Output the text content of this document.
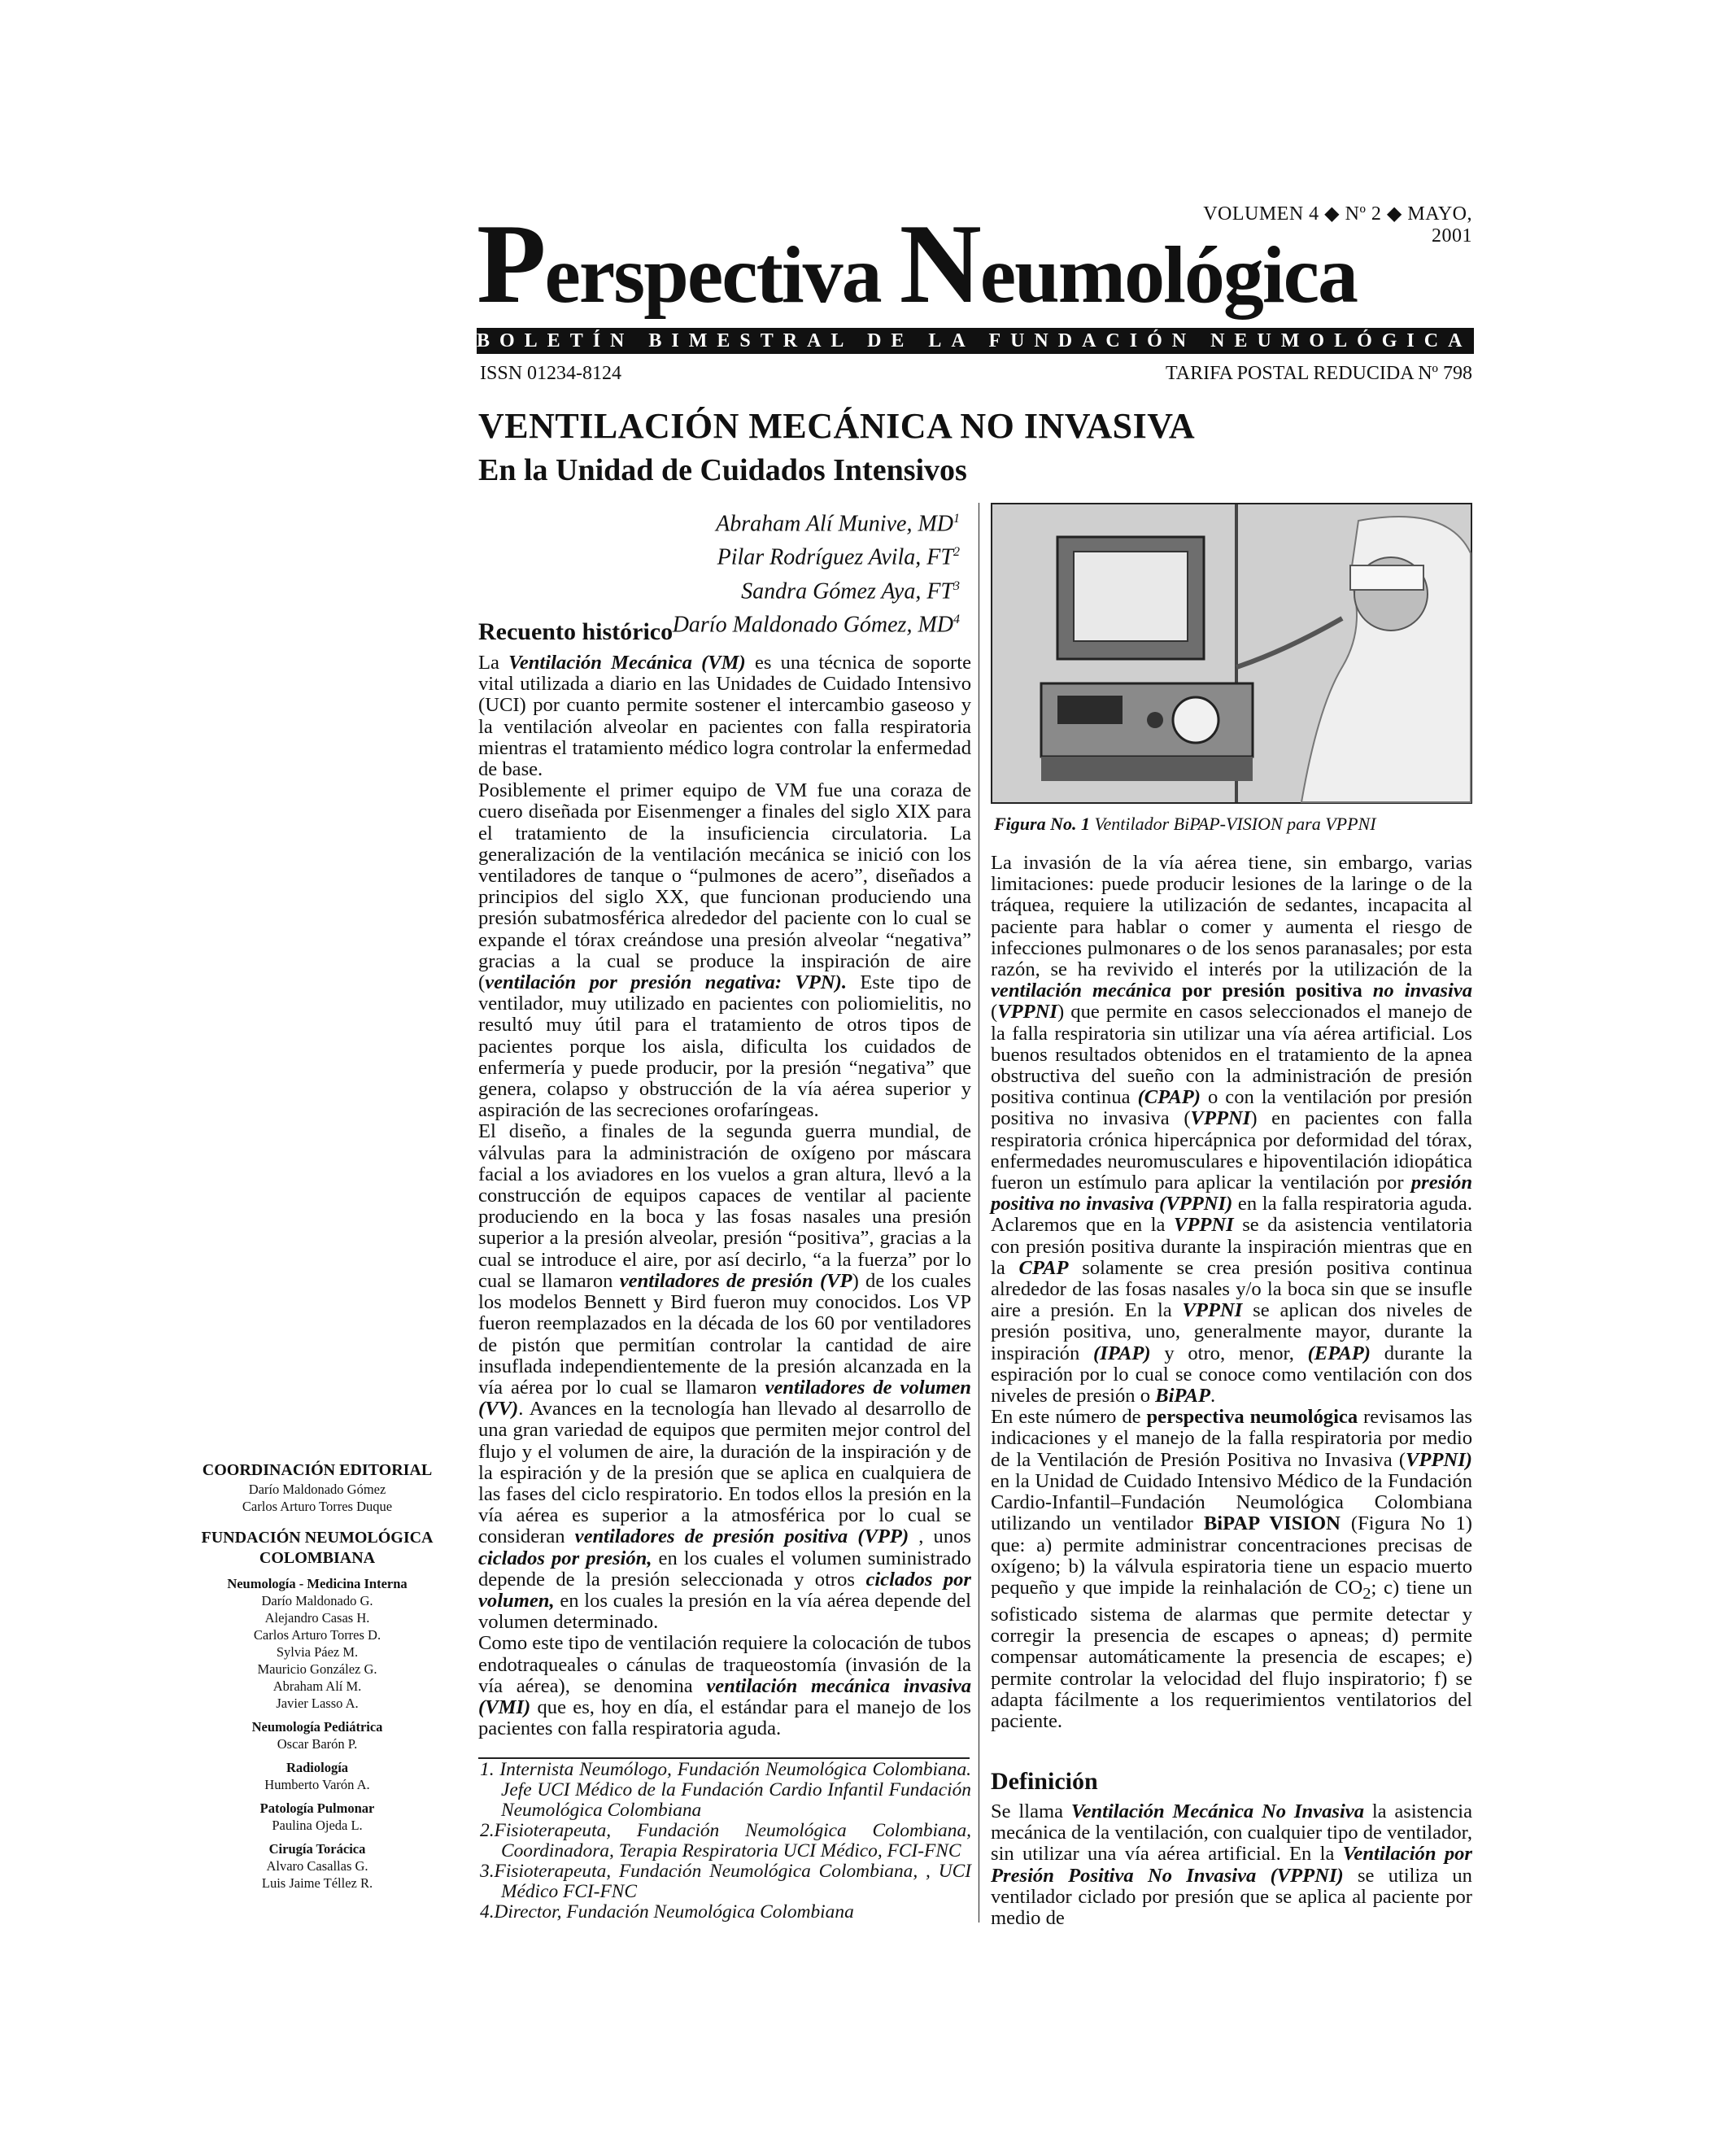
VOLUMEN 4 ◆ Nº 2 ◆ MAYO, 2001
Perspectiva Neumológica
BOLETÍN BIMESTRAL DE LA FUNDACIÓN NEUMOLÓGICA COLOMBIANA
ISSN 01234-8124	TARIFA POSTAL REDUCIDA Nº 798
VENTILACIÓN MECÁNICA NO INVASIVA
En la Unidad de Cuidados Intensivos
Abraham Alí Munive, $MD^1$
Pilar Rodríguez Avila, $FT^2$
Sandra Gómez Aya, $FT^3$
Darío Maldonado Gómez, $MD^4$
Recuento histórico

La Ventilación Mecánica (VM) es una técnica de soporte vital utilizada a diario en las Unidades de Cuidado Intensivo (UCI) por cuanto permite sostener el intercambio gaseoso y la ventilación alveolar en pacientes con falla respiratoria mientras el tratamiento médico logra controlar la enfermedad de base.

Posiblemente el primer equipo de VM fue una coraza de cuero diseñada por Eisenmenger a finales del siglo XIX para el tratamiento de la insuficiencia circulatoria. La generalización de la ventilación mecánica se inició con los ventiladores de tanque o “pulmones de acero”, diseñados a principios del siglo XX, que funcionan produciendo una presión subatmosférica alrededor del paciente con lo cual se expande el tórax creándose una presión alveolar “negativa” gracias a la cual se produce la inspiración de aire (ventilación por presión negativa: VPN). Este tipo de ventilador, muy utilizado en pacientes con poliomielitis, no resultó muy útil para el tratamiento de otros tipos de pacientes porque los aisla, dificulta los cuidados de enfermería y puede producir, por la presión “negativa” que genera, colapso y obstrucción de la vía aérea superior y aspiración de las secreciones orofaríngeas.

El diseño, a finales de la segunda guerra mundial, de válvulas para la administración de oxígeno por máscara facial a los aviadores en los vuelos a gran altura, llevó a la construcción de equipos capaces de ventilar al paciente produciendo en la boca y las fosas nasales una presión superior a la presión alveolar, presión “positiva”, gracias a la cual se introduce el aire, por así decirlo, “a la fuerza” por lo cual se llamaron ventiladores de presión (VP) de los cuales los modelos Bennett y Bird fueron muy conocidos. Los VP fueron reemplazados en la década de los 60 por ventiladores de pistón que permitían controlar la cantidad de aire insuflada independientemente de la presión alcanzada en la vía aérea por lo cual se llamaron ventiladores de volumen (VV). Avances en la tecnología han llevado al desarrollo de una gran variedad de equipos que permiten mejor control del flujo y el volumen de aire, la duración de la inspiración y de la espiración y de la presión que se aplica en cualquiera de las fases del ciclo respiratorio. En todos ellos la presión en la vía aérea es superior a la atmosférica por lo cual se consideran ventiladores de presión positiva (VPP) , unos ciclados por presión, en los cuales el volumen suministrado depende de la presión seleccionada y otros ciclados por volumen, en los cuales la presión en la vía aérea depende del volumen determinado.

Como este tipo de ventilación requiere la colocación de tubos endotraqueales o cánulas de traqueostomía (invasión de la vía aérea), se denomina ventilación mecánica invasiva (VMI) que es, hoy en día, el estándar para el manejo de los pacientes con falla respiratoria aguda.

1. Internista Neumólogo, Fundación Neumológica Colombiana. Jefe UCI Médico de la Fundación Cardio Infantil Fundación Neumológica Colombiana

2.Fisioterapeuta, Fundación Neumológica Colombiana, Coordinadora, Terapia Respiratoria UCI Médico, FCI-FNC

3.Fisioterapeuta, Fundación Neumológica Colombiana, , UCI Médico FCI-FNC

4.Director, Fundación Neumológica Colombiana

Figura No. 1 Ventilador BiPAP-VISION para VPPNI

La invasión de la vía aérea tiene, sin embargo, varias limitaciones: puede producir lesiones de la laringe o de la tráquea, requiere la utilización de sedantes, incapacita al paciente para hablar o comer y aumenta el riesgo de infecciones pulmonares o de los senos paranasales; por esta razón, se ha revivido el interés por la utilización de la ventilación mecánica por presión positiva no invasiva (VPPNI) que permite en casos seleccionados el manejo de la falla respiratoria sin utilizar una vía aérea artificial. Los buenos resultados obtenidos en el tratamiento de la apnea obstructiva del sueño con la administración de presión positiva continua (CPAP) o con la ventilación por presión positiva no invasiva (VPPNI) en pacientes con falla respiratoria crónica hipercápnica por deformidad del tórax, enfermedades neuromusculares e hipoventilación idiopática fueron un estímulo para aplicar la ventilación por presión positiva no invasiva (VPPNI) en la falla respiratoria aguda. Aclaremos que en la VPPNI se da asistencia ventilatoria con presión positiva durante la inspiración mientras que en la CPAP solamente se crea presión positiva continua alrededor de las fosas nasales y/o la boca sin que se insufle aire a presión. En la VPPNI se aplican dos niveles de presión positiva, uno, generalmente mayor, durante la inspiración (IPAP) y otro, menor, (EPAP) durante la espiración por lo cual se conoce como ventilación con dos niveles de presión o BiPAP.

En este número de perspectiva neumológica revisamos las indicaciones y el manejo de la falla respiratoria por medio de la Ventilación de Presión Positiva no Invasiva (VPPNI) en la Unidad de Cuidado Intensivo Médico de la Fundación Cardio-Infantil–Fundación Neumológica Colombiana utilizando un ventilador BiPAP VISION (Figura No 1) que: a) permite administrar concentraciones precisas de oxígeno; b) la válvula espiratoria tiene un espacio muerto pequeño y que impide la reinhalación de $CO_2$; c) tiene un sofisticado sistema de alarmas que permite detectar y corregir la presencia de escapes o apneas; d) permite compensar automáticamente la presencia de escapes; e) permite controlar la velocidad del flujo inspiratorio; f) se adapta fácilmente a los requerimientos ventilatorios del paciente.

Definición

Se llama Ventilación Mecánica No Invasiva la asistencia mecánica de la ventilación, con cualquier tipo de ventilador, sin utilizar una vía aérea artificial. En la Ventilación por Presión Positiva No Invasiva (VPPNI) se utiliza un ventilador ciclado por presión que se aplica al paciente por medio de

COORDINACIÓN EDITORIAL
Darío Maldonado Gómez
Carlos Arturo Torres Duque
FUNDACIÓN NEUMOLÓGICA
COLOMBIANA
Neumología - Medicina Interna
Darío Maldonado G.
Alejandro Casas H.
Carlos Arturo Torres D.
Sylvia Páez M.
Mauricio González G.
Abraham Alí M.
Javier Lasso A.
Neumología Pediátrica
Oscar Barón P.
Radiología
Humberto Varón A.
Patología Pulmonar
Paulina Ojeda L.
Cirugía Torácica
Alvaro Casallas G.
Luis Jaime Téllez R.
